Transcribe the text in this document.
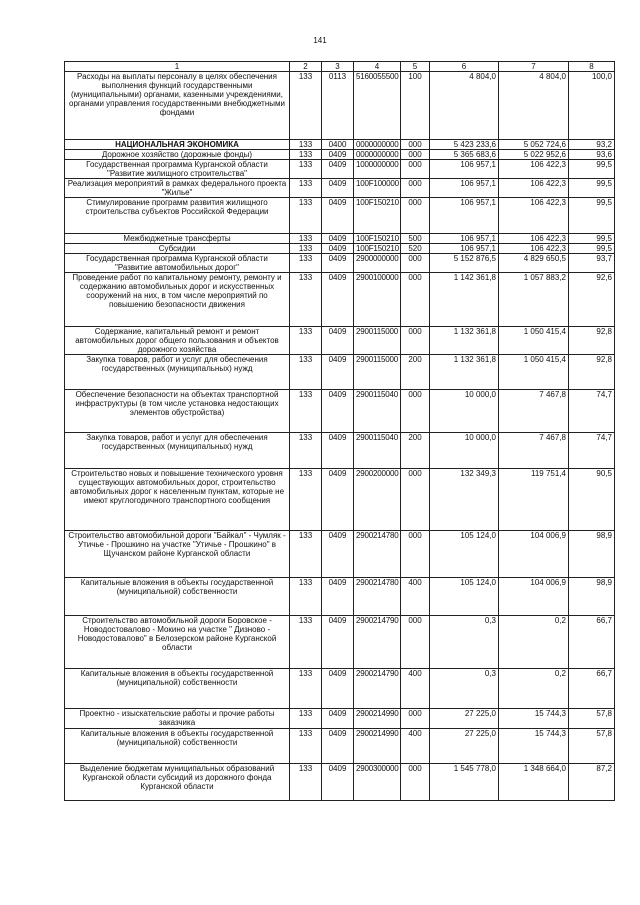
141
1	2	3	4	5	6	7	8
Расходы на выплаты персоналу в целях обеспечения выполнения функций государственными (муниципальными) органами, казенными учреждениями, органами управления государственными внебюджетными фондами	133	0113	5160055500	100	4 804,0	4 804,0	100,0
НАЦИОНАЛЬНАЯ ЭКОНОМИКА	133	0400	0000000000	000	5 423 233,6	5 052 724,6	93,2
Дорожное хозяйство (дорожные фонды)	133	0409	0000000000	000	5 365 683,6	5 022 952,6	93,6
Государственная программа Курганской области "Развитие жилищного строительства"	133	0409	1000000000	000	106 957,1	106 422,3	99,5
Реализация мероприятий в рамках федерального проекта "Жилье"	133	0409	100F100000	000	106 957,1	106 422,3	99,5
Стимулирование программ развития жилищного строительства субъектов Российской Федерации	133	0409	100F150210	000	106 957,1	106 422,3	99,5
Межбюджетные трансферты	133	0409	100F150210	500	106 957,1	106 422,3	99,5
Субсидии	133	0409	100F150210	520	106 957,1	106 422,3	99,5
Государственная программа Курганской области "Развитие автомобильных дорог"	133	0409	2900000000	000	5 152 876,5	4 829 650,5	93,7
Проведение работ по капитальному ремонту, ремонту и содержанию автомобильных дорог и искусственных сооружений на них, в том числе мероприятий по повышению безопасности движения	133	0409	2900100000	000	1 142 361,8	1 057 883,2	92,6
Содержание, капитальный ремонт и ремонт автомобильных дорог общего пользования и объектов дорожного хозяйства	133	0409	2900115000	000	1 132 361,8	1 050 415,4	92,8
Закупка товаров, работ и услуг для обеспечения государственных (муниципальных) нужд	133	0409	2900115000	200	1 132 361,8	1 050 415,4	92,8
Обеспечение безопасности на объектах транспортной инфраструктуры (в том числе установка недостающих элементов обустройства)	133	0409	2900115040	000	10 000,0	7 467,8	74,7
Закупка товаров, работ и услуг для обеспечения государственных (муниципальных) нужд	133	0409	2900115040	200	10 000,0	7 467,8	74,7
Строительство новых и повышение технического уровня существующих автомобильных дорог, строительство автомобильных дорог к населенным пунктам, которые не имеют круглогодичного транспортного сообщения	133	0409	2900200000	000	132 349,3	119 751,4	90,5
Строительство автомобильной дороги "Байкал" - Чумляк - Утичье - Прошкино на участке "Утичье - Прошкино" в Щучанском районе Курганской области	133	0409	2900214780	000	105 124,0	104 006,9	98,9
Капитальные вложения в объекты государственной (муниципальной) собственности	133	0409	2900214780	400	105 124,0	104 006,9	98,9
Строительство автомобильной дороги Боровское - Новодостовалово - Мокино на участке " Дизново - Новодостовалово" в Белозерском районе Курганской области	133	0409	2900214790	000	0,3	0,2	66,7
Капитальные вложения в объекты государственной (муниципальной) собственности	133	0409	2900214790	400	0,3	0,2	66,7
Проектно - изыскательские работы и прочие работы заказчика	133	0409	2900214990	000	27 225,0	15 744,3	57,8
Капитальные вложения в объекты государственной (муниципальной) собственности	133	0409	2900214990	400	27 225,0	15 744,3	57,8
Выделение бюджетам муниципальных образований Курганской области субсидий из дорожного фонда Курганской области	133	0409	2900300000	000	1 545 778,0	1 348 664,0	87,2
